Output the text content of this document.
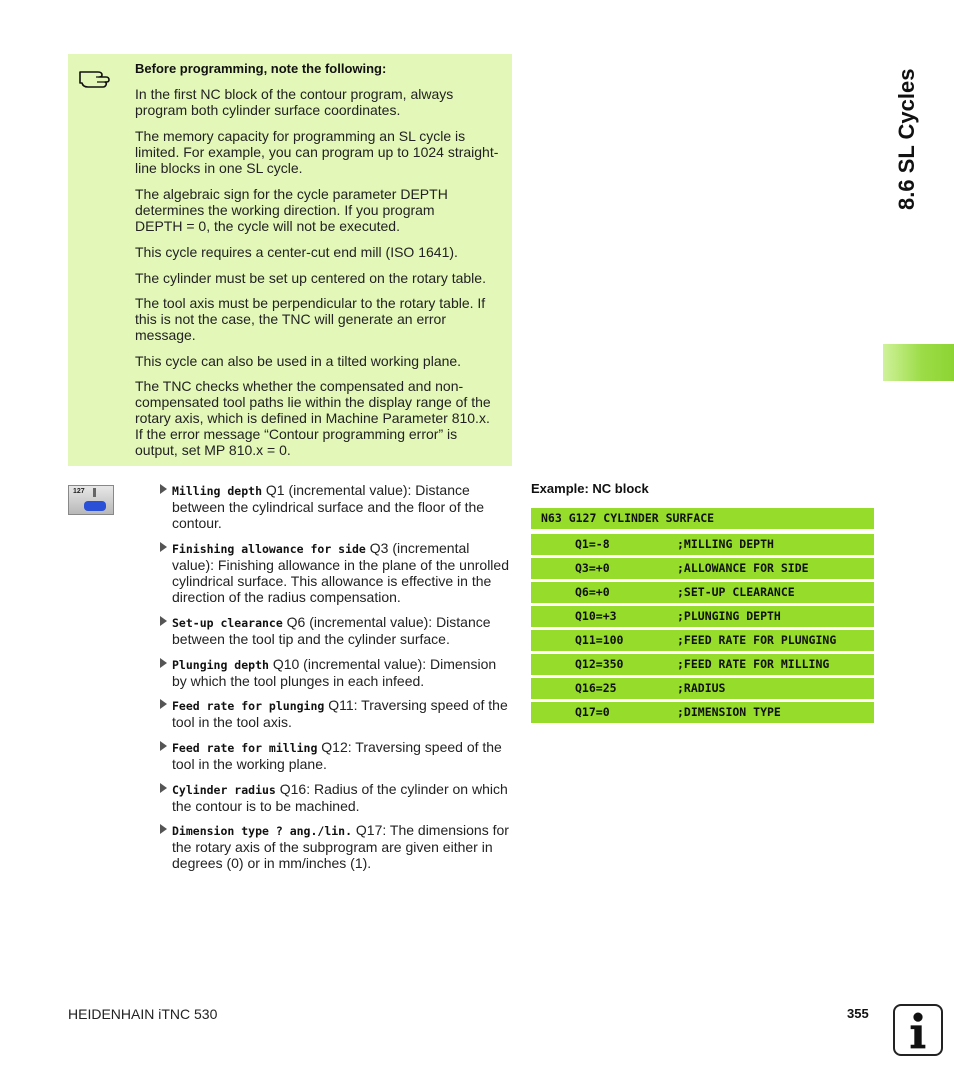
8.6 SL Cycles
Before programming, note the following:
In the first NC block of the contour program, always
program both cylinder surface coordinates.
The memory capacity for programming an SL cycle is
limited. For example, you can program up to 1024 straight-
line blocks in one SL cycle.
The algebraic sign for the cycle parameter DEPTH
determines the working direction. If you program
DEPTH = 0, the cycle will not be executed.
This cycle requires a center-cut end mill (ISO 1641).
The cylinder must be set up centered on the rotary table.
The tool axis must be perpendicular to the rotary table. If
this is not the case, the TNC will generate an error
message.
This cycle can also be used in a tilted working plane.
The TNC checks whether the compensated and non-
compensated tool paths lie within the display range of the
rotary axis, which is defined in Machine Parameter 810.x.
If the error message “Contour programming error” is
output, set MP 810.x = 0.
127	Milling depth Q1 (incremental value): Distance
between the cylindrical surface and the floor of the
contour.
Finishing allowance for side Q3 (incremental
value): Finishing allowance in the plane of the unrolled
cylindrical surface. This allowance is effective in the
direction of the radius compensation.
Set-up clearance Q6 (incremental value): Distance
between the tool tip and the cylinder surface.
Plunging depth Q10 (incremental value): Dimension
by which the tool plunges in each infeed.
Feed rate for plunging Q11: Traversing speed of the
tool in the tool axis.
Feed rate for milling Q12: Traversing speed of the
tool in the working plane.
Cylinder radius Q16: Radius of the cylinder on which
the contour is to be machined.
Dimension type ? ang./lin. Q17: The dimensions for
the rotary axis of the subprogram are given either in
degrees (0) or in mm/inches (1).
Example: NC block
N63 G127 CYLINDER SURFACE
Q1=-8	;MILLING DEPTH
Q3=+0	;ALLOWANCE FOR SIDE
Q6=+0	;SET-UP CLEARANCE
Q10=+3	;PLUNGING DEPTH
Q11=100	;FEED RATE FOR PLUNGING
Q12=350	;FEED RATE FOR MILLING
Q16=25	;RADIUS
Q17=0	;DIMENSION TYPE
HEIDENHAIN iTNC 530	355
